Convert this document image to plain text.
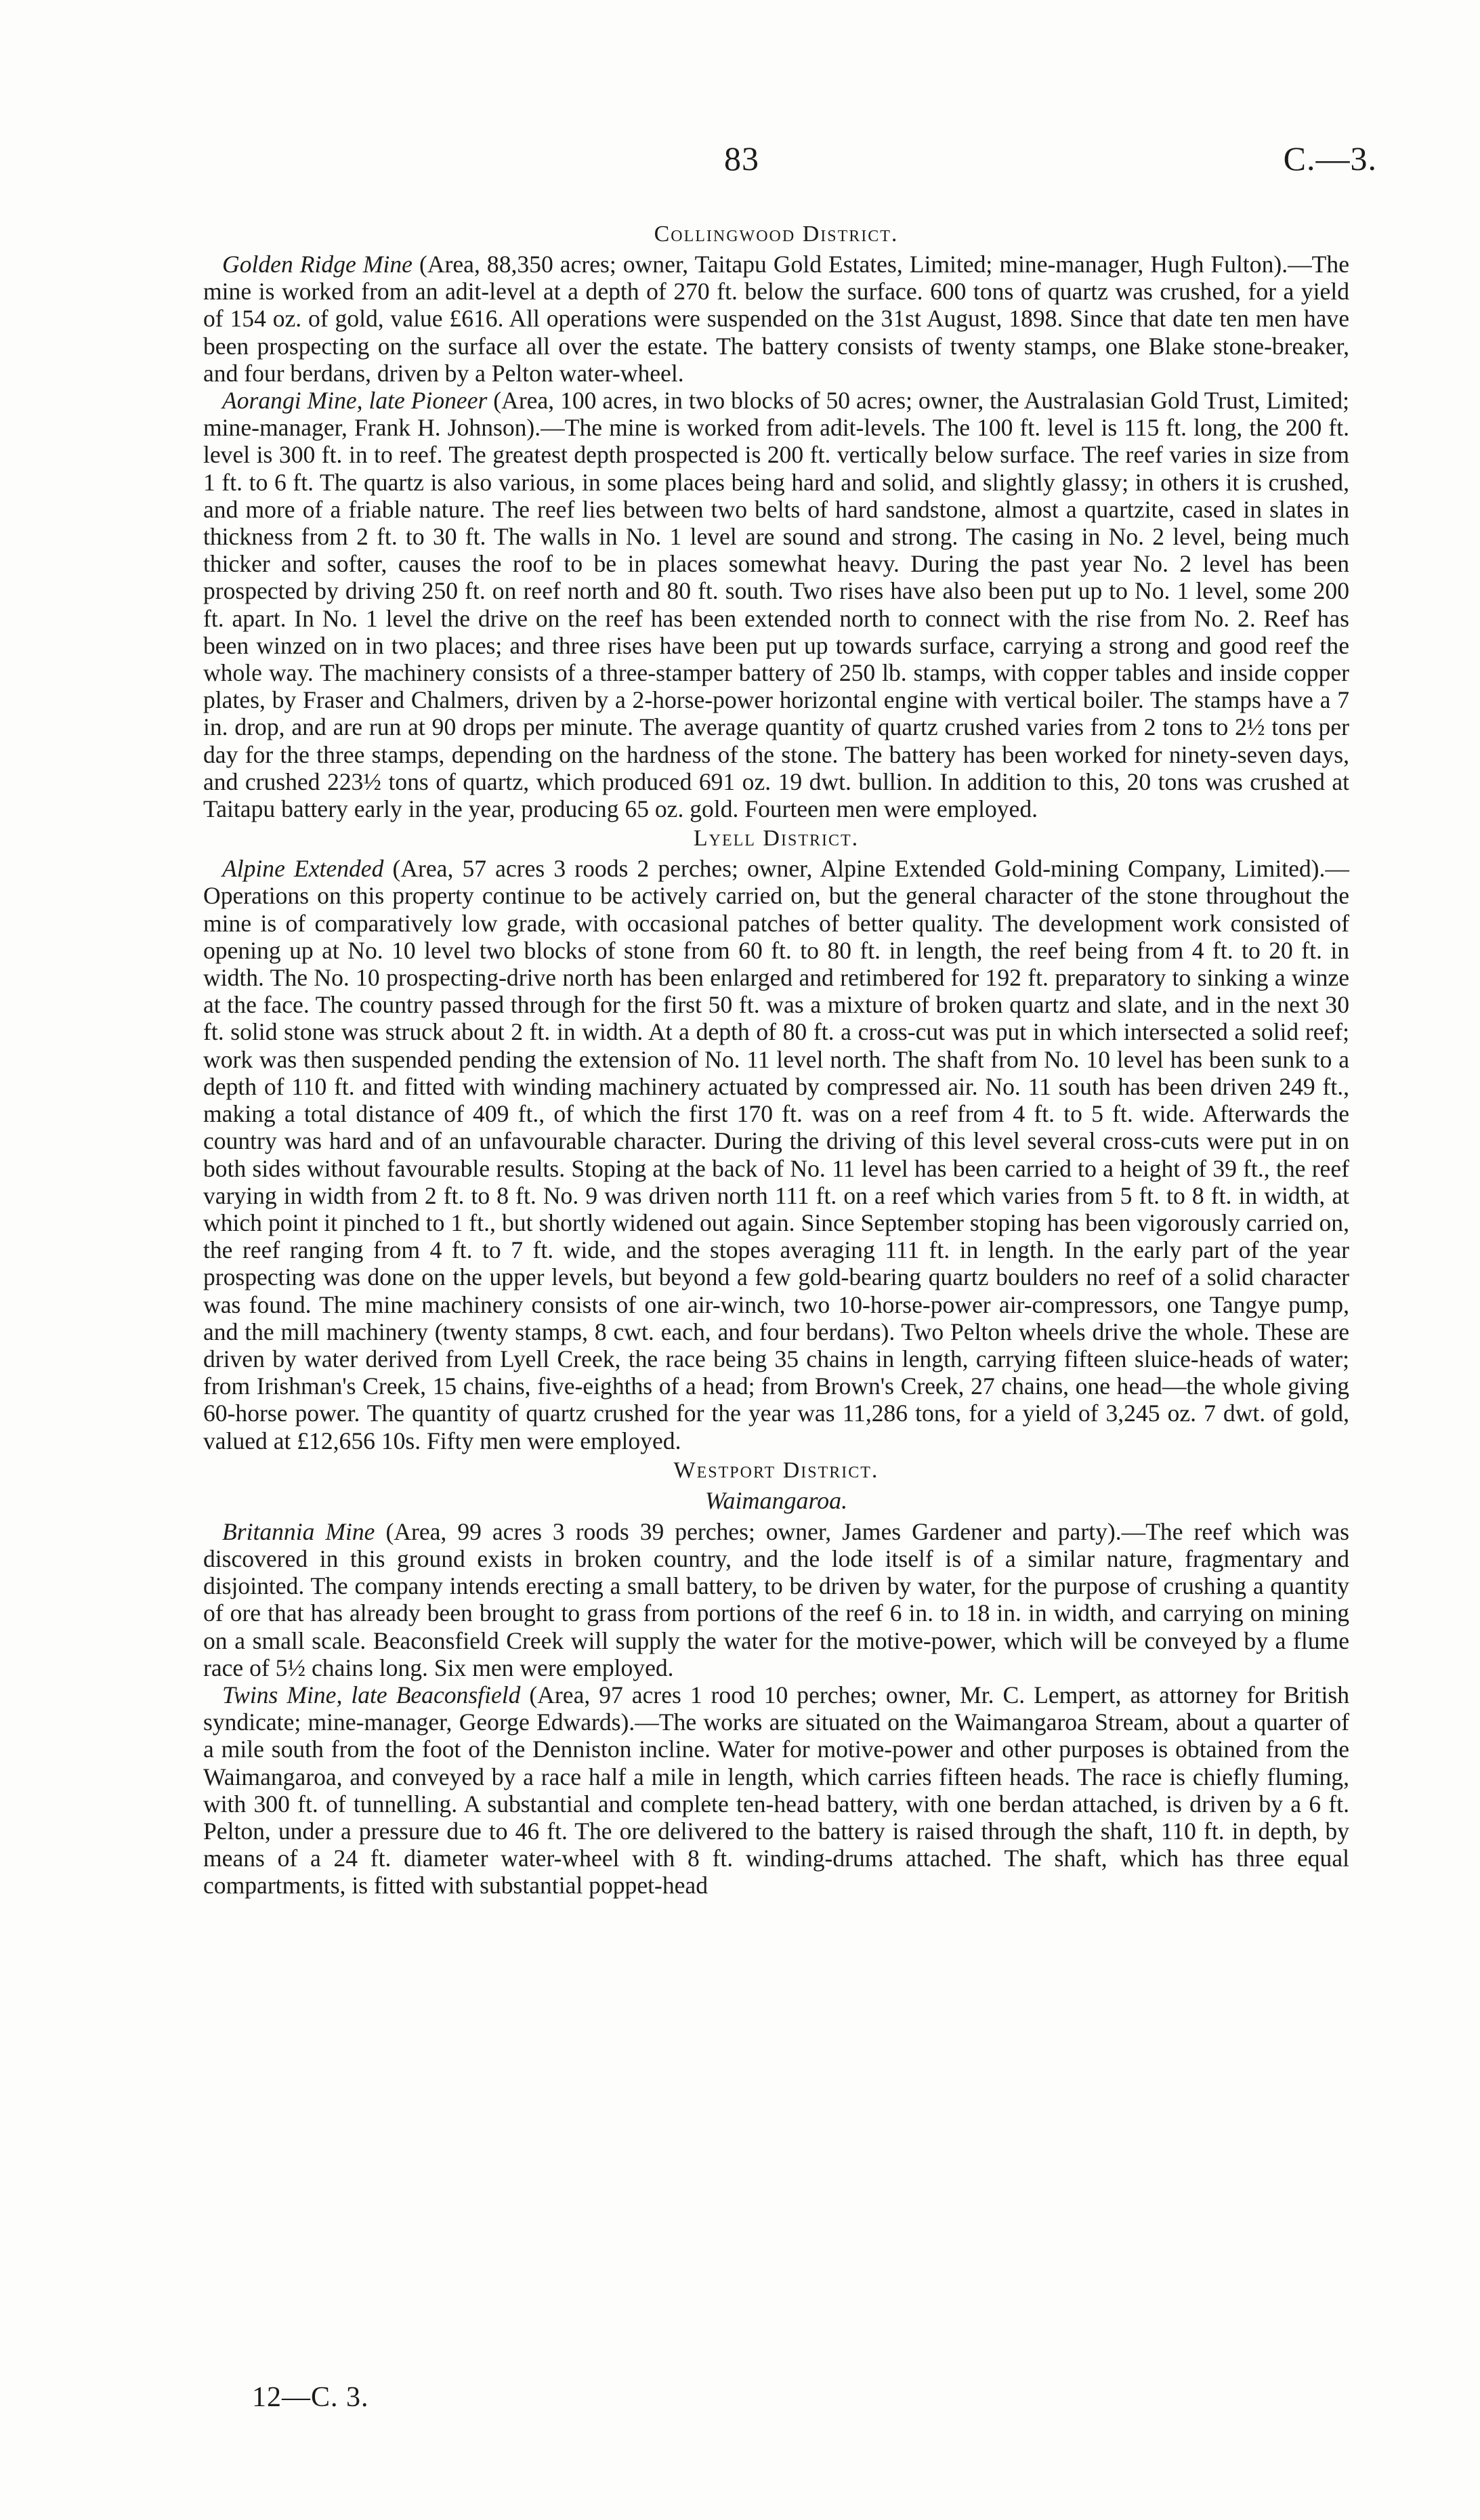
83	C.—3.
Collingwood District.

Golden Ridge Mine (Area, 88,350 acres; owner, Taitapu Gold Estates, Limited; mine-manager, Hugh Fulton).—The mine is worked from an adit-level at a depth of 270 ft. below the surface. 600 tons of quartz was crushed, for a yield of 154 oz. of gold, value £616. All operations were suspended on the 31st August, 1898. Since that date ten men have been prospecting on the surface all over the estate. The battery consists of twenty stamps, one Blake stone-breaker, and four berdans, driven by a Pelton water-wheel.

Aorangi Mine, late Pioneer (Area, 100 acres, in two blocks of 50 acres; owner, the Australasian Gold Trust, Limited; mine-manager, Frank H. Johnson).—The mine is worked from adit-levels. The 100 ft. level is 115 ft. long, the 200 ft. level is 300 ft. in to reef. The greatest depth prospected is 200 ft. vertically below surface. The reef varies in size from 1 ft. to 6 ft. The quartz is also various, in some places being hard and solid, and slightly glassy; in others it is crushed, and more of a friable nature. The reef lies between two belts of hard sandstone, almost a quartzite, cased in slates in thickness from 2 ft. to 30 ft. The walls in No. 1 level are sound and strong. The casing in No. 2 level, being much thicker and softer, causes the roof to be in places somewhat heavy. During the past year No. 2 level has been prospected by driving 250 ft. on reef north and 80 ft. south. Two rises have also been put up to No. 1 level, some 200 ft. apart. In No. 1 level the drive on the reef has been extended north to connect with the rise from No. 2. Reef has been winzed on in two places; and three rises have been put up towards surface, carrying a strong and good reef the whole way. The machinery consists of a three-stamper battery of 250 lb. stamps, with copper tables and inside copper plates, by Fraser and Chalmers, driven by a 2-horse-power horizontal engine with vertical boiler. The stamps have a 7 in. drop, and are run at 90 drops per minute. The average quantity of quartz crushed varies from 2 tons to 2½ tons per day for the three stamps, depending on the hardness of the stone. The battery has been worked for ninety-seven days, and crushed 223½ tons of quartz, which produced 691 oz. 19 dwt. bullion. In addition to this, 20 tons was crushed at Taitapu battery early in the year, producing 65 oz. gold. Fourteen men were employed.

Lyell District.

Alpine Extended (Area, 57 acres 3 roods 2 perches; owner, Alpine Extended Gold-mining Company, Limited).—Operations on this property continue to be actively carried on, but the general character of the stone throughout the mine is of comparatively low grade, with occasional patches of better quality. The development work consisted of opening up at No. 10 level two blocks of stone from 60 ft. to 80 ft. in length, the reef being from 4 ft. to 20 ft. in width. The No. 10 prospecting-drive north has been enlarged and retimbered for 192 ft. preparatory to sinking a winze at the face. The country passed through for the first 50 ft. was a mixture of broken quartz and slate, and in the next 30 ft. solid stone was struck about 2 ft. in width. At a depth of 80 ft. a cross-cut was put in which intersected a solid reef; work was then suspended pending the extension of No. 11 level north. The shaft from No. 10 level has been sunk to a depth of 110 ft. and fitted with winding machinery actuated by compressed air. No. 11 south has been driven 249 ft., making a total distance of 409 ft., of which the first 170 ft. was on a reef from 4 ft. to 5 ft. wide. Afterwards the country was hard and of an unfavourable character. During the driving of this level several cross-cuts were put in on both sides without favourable results. Stoping at the back of No. 11 level has been carried to a height of 39 ft., the reef varying in width from 2 ft. to 8 ft. No. 9 was driven north 111 ft. on a reef which varies from 5 ft. to 8 ft. in width, at which point it pinched to 1 ft., but shortly widened out again. Since September stoping has been vigorously carried on, the reef ranging from 4 ft. to 7 ft. wide, and the stopes averaging 111 ft. in length. In the early part of the year prospecting was done on the upper levels, but beyond a few gold-bearing quartz boulders no reef of a solid character was found. The mine machinery consists of one air-winch, two 10-horse-power air-compressors, one Tangye pump, and the mill machinery (twenty stamps, 8 cwt. each, and four berdans). Two Pelton wheels drive the whole. These are driven by water derived from Lyell Creek, the race being 35 chains in length, carrying fifteen sluice-heads of water; from Irishman's Creek, 15 chains, five-eighths of a head; from Brown's Creek, 27 chains, one head—the whole giving 60-horse power. The quantity of quartz crushed for the year was 11,286 tons, for a yield of 3,245 oz. 7 dwt. of gold, valued at £12,656 10s. Fifty men were employed.

Westport District.
Waimangaroa.

Britannia Mine (Area, 99 acres 3 roods 39 perches; owner, James Gardener and party).—The reef which was discovered in this ground exists in broken country, and the lode itself is of a similar nature, fragmentary and disjointed. The company intends erecting a small battery, to be driven by water, for the purpose of crushing a quantity of ore that has already been brought to grass from portions of the reef 6 in. to 18 in. in width, and carrying on mining on a small scale. Beaconsfield Creek will supply the water for the motive-power, which will be conveyed by a flume race of 5½ chains long. Six men were employed.

Twins Mine, late Beaconsfield (Area, 97 acres 1 rood 10 perches; owner, Mr. C. Lempert, as attorney for British syndicate; mine-manager, George Edwards).—The works are situated on the Waimangaroa Stream, about a quarter of a mile south from the foot of the Denniston incline. Water for motive-power and other purposes is obtained from the Waimangaroa, and conveyed by a race half a mile in length, which carries fifteen heads. The race is chiefly fluming, with 300 ft. of tunnelling. A substantial and complete ten-head battery, with one berdan attached, is driven by a 6 ft. Pelton, under a pressure due to 46 ft. The ore delivered to the battery is raised through the shaft, 110 ft. in depth, by means of a 24 ft. diameter water-wheel with 8 ft. winding-drums attached. The shaft, which has three equal compartments, is fitted with substantial poppet-head

12—C. 3.
